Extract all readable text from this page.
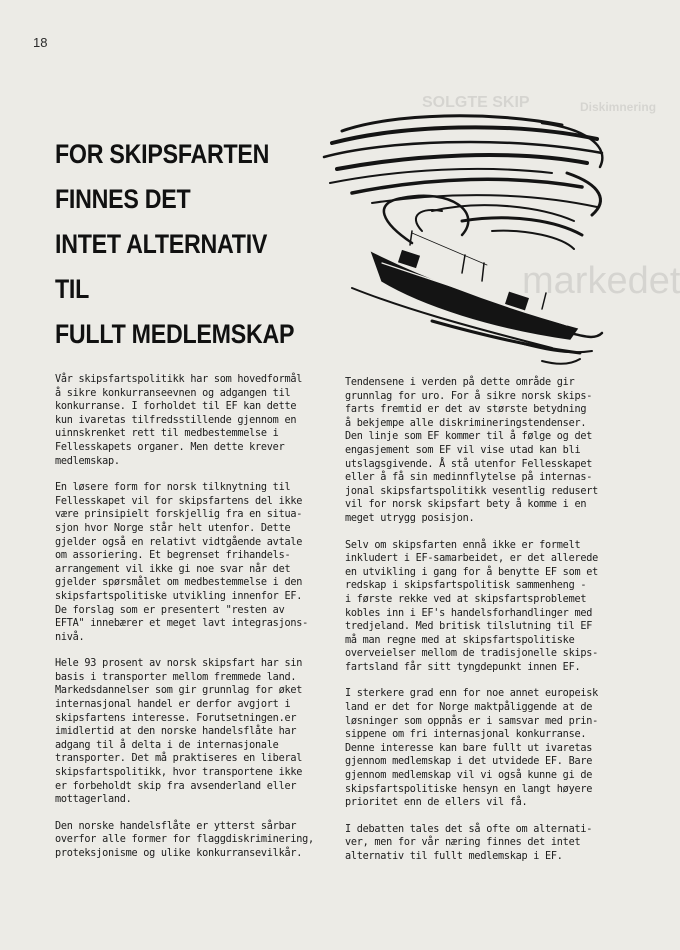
18
Diskimnering
SOLGTE SKIP
markedet
FOR SKIPSFARTEN
FINNES DET
INTET ALTERNATIV
TIL
FULLT MEDLEMSKAP

Vår skipsfartspolitikk har som hovedformål
å sikre konkurranseevnen og adgangen til
konkurranse. I forholdet til EF kan dette
kun ivaretas tilfredsstillende gjennom en
uinnskrenket rett til medbestemmelse i
Fellesskapets organer. Men dette krever
medlemskap.

En løsere form for norsk tilknytning til
Fellesskapet vil for skipsfartens del ikke
være prinsipielt forskjellig fra en situa-
sjon hvor Norge står helt utenfor. Dette
gjelder også en relativt vidtgående avtale
om assoriering. Et begrenset frihandels-
arrangement vil ikke gi noe svar når det
gjelder spørsmålet om medbestemmelse i den
skipsfartspolitiske utvikling innenfor EF.
De forslag som er presentert "resten av
EFTA" innebærer et meget lavt integrasjons-
nivå.

Hele 93 prosent av norsk skipsfart har sin
basis i transporter mellom fremmede land.
Markedsdannelser som gir grunnlag for øket
internasjonal handel er derfor avgjort i
skipsfartens interesse. Forutsetningen.er
imidlertid at den norske handelsflåte har
adgang til å delta i de internasjonale
transporter. Det må praktiseres en liberal
skipsfartspolitikk, hvor transportene ikke
er forbeholdt skip fra avsenderland eller
mottagerland.

Den norske handelsflåte er ytterst sårbar
overfor alle former for flaggdiskriminering,
proteksjonisme og ulike konkurransevilkår.

Tendensene i verden på dette område gir
grunnlag for uro. For å sikre norsk skips-
farts fremtid er det av største betydning
å bekjempe alle diskrimineringstendenser.
Den linje som EF kommer til å følge og det
engasjement som EF vil vise utad kan bli
utslagsgivende. Å stå utenfor Fellesskapet
eller å få sin medinnflytelse på internas-
jonal skipsfartspolitikk vesentlig redusert
vil for norsk skipsfart bety å komme i en
meget utrygg posisjon.

Selv om skipsfarten ennå ikke er formelt
inkludert i EF-samarbeidet, er det allerede
en utvikling i gang for å benytte EF som et
redskap i skipsfartspolitisk sammenheng -
i første rekke ved at skipsfartsproblemet
kobles inn i EF's handelsforhandlinger med
tredjeland. Med britisk tilslutning til EF
må man regne med at skipsfartspolitiske
overveielser mellom de tradisjonelle skips-
fartsland får sitt tyngdepunkt innen EF.

I sterkere grad enn for noe annet europeisk
land er det for Norge maktpåliggende at de
løsninger som oppnås er i samsvar med prin-
sippene om fri internasjonal konkurranse.
Denne interesse kan bare fullt ut ivaretas
gjennom medlemskap i det utvidede EF. Bare
gjennom medlemskap vil vi også kunne gi de
skipsfartspolitiske hensyn en langt høyere
prioritet enn de ellers vil få.

I debatten tales det så ofte om alternati-
ver, men for vår næring finnes det intet
alternativ til fullt medlemskap i EF.
